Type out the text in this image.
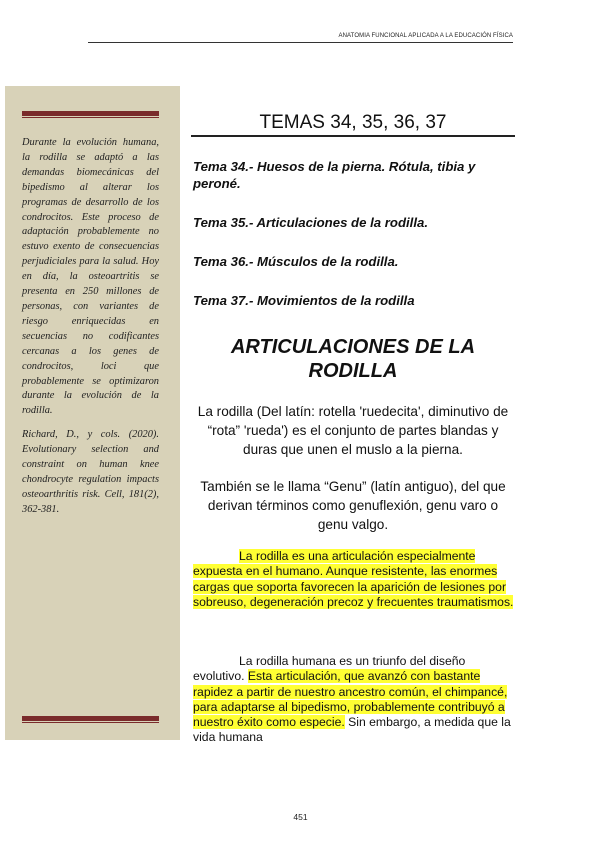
ANATOMIA FUNCIONAL APLICADA A LA EDUCACIÓN FÍSICA

Durante la evolución humana, la rodilla se adaptó a las demandas biomecánicas del bipedismo al alterar los programas de desarrollo de los condrocitos. Este proceso de adaptación probablemente no estuvo exento de consecuencias perjudiciales para la salud. Hoy en día, la osteoartritis se presenta en 250 millones de personas, con variantes de riesgo enriquecidas en secuencias no codificantes cercanas a los genes de condrocitos, loci que probablemente se optimizaron durante la evolución de la rodilla.

Richard, D., y cols. (2020). Evolutionary selection and constraint on human knee chondrocyte regulation impacts osteoarthritis risk. Cell, 181(2), 362-381.

TEMAS 34, 35, 36, 37
Tema 34.- Huesos de la pierna. Rótula, tibia y peroné.
Tema 35.- Articulaciones de la rodilla.
Tema 36.- Músculos de la rodilla.
Tema 37.- Movimientos de la rodilla
ARTICULACIONES DE LA RODILLA

La rodilla (Del latín: rotella 'ruedecita', diminutivo de “rota” 'rueda') es el conjunto de partes blandas y duras que unen el muslo a la pierna.

También se le llama “Genu” (latín antiguo), del que derivan términos como genuflexión, genu varo o genu valgo.

La rodilla es una articulación especialmente expuesta en el humano. Aunque resistente, las enormes cargas que soporta favorecen la aparición de lesiones por sobreuso, degeneración precoz y frecuentes traumatismos.

La rodilla humana es un triunfo del diseño evolutivo. Esta articulación, que avanzó con bastante rapidez a partir de nuestro ancestro común, el chimpancé, para adaptarse al bipedismo, probablemente contribuyó a nuestro éxito como especie. Sin embargo, a medida que la vida humana

451
